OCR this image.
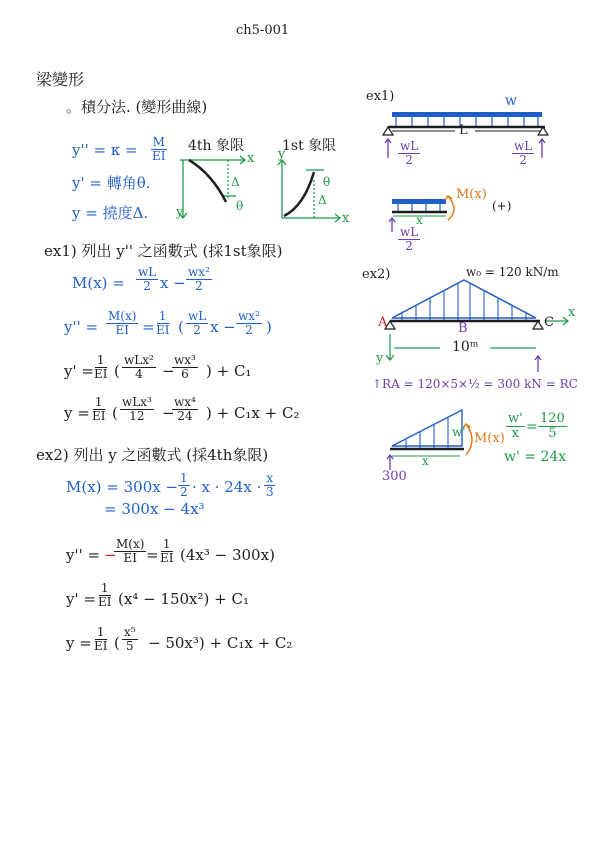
ch5-001
梁變形
。積分法. (變形曲線)
$y'' = \kappa = \frac{M}{EI}$
y' = 轉角θ.
y = 撓度Δ.
4th 象限	1st 象限
x
y
Δ
θ
x
y
Δ
θ
ex1) 列出 y'' 之函數式 (採1st象限)
$M(x) = \frac{wL}{2}$ $x - \frac{\text{wx²}}{2}$
$y'' = \frac{M(x)}{EI} = \frac{1}{EI}$ ( $\frac{wL}{2}$ $x - \frac{\text{wx²}}{2}$ )
y' =
$\frac{1}{EI}$ (
wLx²
4 −
$\frac{\text{wx³}}{6}$ ) + C₁
$y = \frac{1}{EI}$ (
wLx³
12 −
$\frac{\text{wx⁴}}{24}$ ) + C₁x + C₂
ex2) 列出 y 之函數式 (採4th象限)
$M(x) = 300x - \frac{1}{2} \cdot x \cdot 24x \cdot \frac{x}{3}$
= 300x − 4x³
y'' = −
$\frac{M(x)}{EI} = \frac{1}{EI} (4x^3 - 300x)$
$y' = \frac{1}{EI} (x^4 - 150x^2) + C_1$
$y = \frac{1}{EI}$ ( $\frac{\text{x⁵}}{5} - 50x^3) + C_1x + C_2$
ex1)	w
L
$\frac{wL}{2}$	$\frac{wL}{2}$
M(x)
(+)
x
$\frac{wL}{2}$
ex2)	w₀ = 120 kN/m
A	B	C
x
y
10ᵐ
↑RA = 120×5×½ = 300 kN = RC
w' M(x)
x
300
$\frac{w'}{x} = \frac{120}{5}$
w' = 24x
